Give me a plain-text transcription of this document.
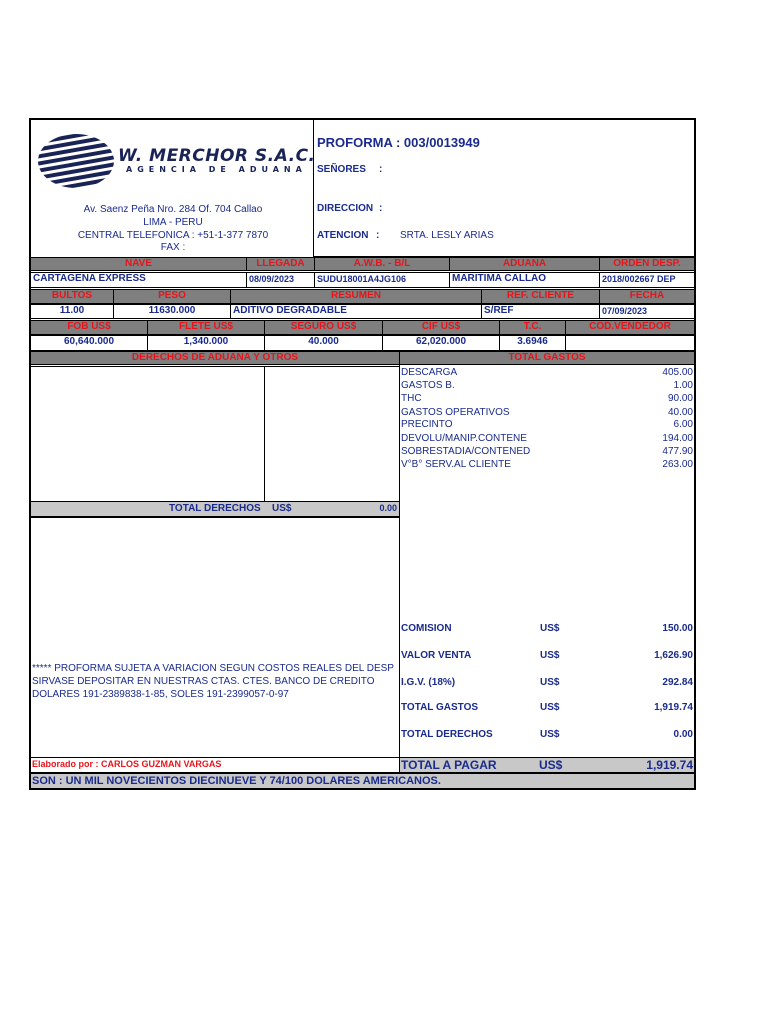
W. MERCHOR S.A.C.
AGENCIA DE ADUANA
Av. Saenz Peña Nro. 284 Of. 704 Callao
LIMA - PERU
CENTRAL TELEFONICA : +51-1-377 7870
FAX :
PROFORMA : 003/0013949
SEÑORES :
DIRECCION :
ATENCION : SRTA. LESLY ARIAS
NAVE	LLEGADA	A.W.B. - B/L	ADUANA	ORDEN DESP.
CARTAGENA EXPRESS	08/09/2023	SUDU18001A4JG106	MARITIMA CALLAO	2018/002667 DEP
BULTOS	PESO	RESUMEN	REF. CLIENTE	FECHA
11.00	11630.000	ADITIVO DEGRADABLE	S/REF	07/09/2023
FOB US$	FLETE US$	SEGURO US$	CIF US$	T.C.	COD.VENDEDOR
60,640.000	1,340.000	40.000	62,020.000	3.6946
DERECHOS DE ADUANA Y OTROS	TOTAL GASTOS
DESCARGA	405.00
GASTOS B.	1.00
THC	90.00
GASTOS OPERATIVOS	40.00
PRECINTO	6.00
DEVOLU/MANIP.CONTENE	194.00
SOBRESTADIA/CONTENED	477.90
V°B° SERV.AL CLIENTE	263.00
TOTAL DERECHOS US$	0.00
***** PROFORMA SUJETA A VARIACION SEGUN COSTOS REALES DEL DESP
SIRVASE DEPOSITAR EN NUESTRAS CTAS. CTES. BANCO DE CREDITO
DOLARES 191-2389838-1-85, SOLES 191-2399057-0-97
COMISION	US$	150.00
VALOR VENTA	US$	1,626.90
I.G.V. (18%)	US$	292.84
TOTAL GASTOS	US$	1,919.74
TOTAL DERECHOS	US$	0.00
Elaborado por : CARLOS GUZMAN VARGAS	TOTAL A PAGAR	US$	1,919.74
SON : UN MIL NOVECIENTOS DIECINUEVE Y 74/100 DOLARES AMERICANOS.
